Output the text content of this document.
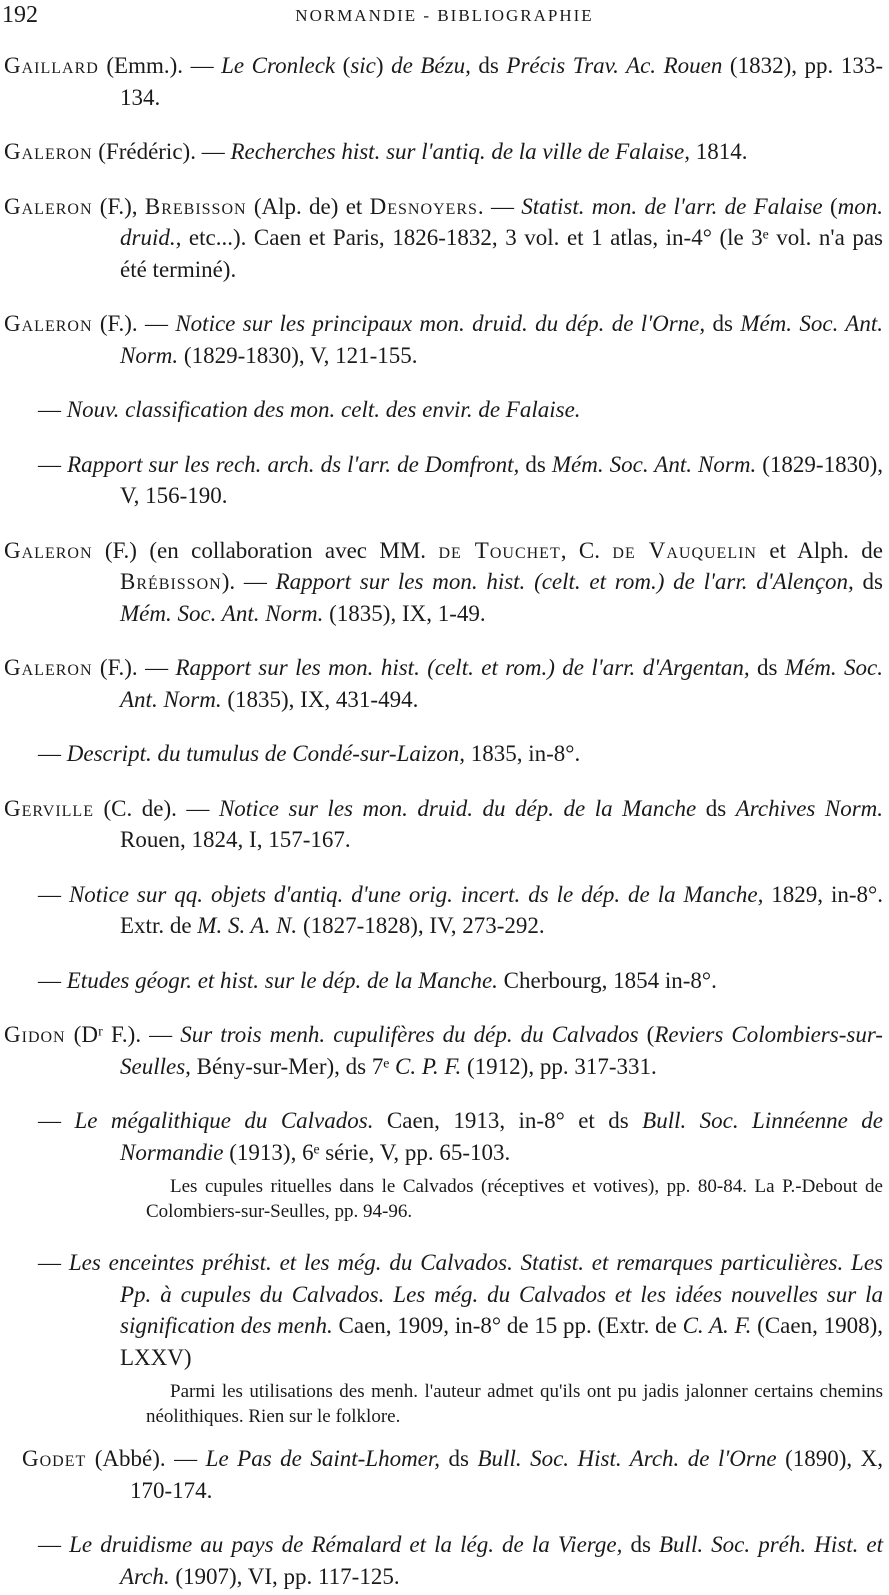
192	NORMANDIE - BIBLIOGRAPHIE

Gaillard (Emm.). — Le Cronleck (sic) de Bézu, ds Précis Trav. Ac. Rouen (1832), pp. 133-134.

Galeron (Frédéric). — Recherches hist. sur l'antiq. de la ville de Falaise, 1814.

Galeron (F.), Brebisson (Alp. de) et Desnoyers. — Statist. mon. de l'arr. de Falaise (mon. druid., etc...). Caen et Paris, 1826-1832, 3 vol. et 1 atlas, in-4° (le 3ᵉ vol. n'a pas été terminé).

Galeron (F.). — Notice sur les principaux mon. druid. du dép. de l'Orne, ds Mém. Soc. Ant. Norm. (1829-1830), V, 121-155.

— Nouv. classification des mon. celt. des envir. de Falaise.

— Rapport sur les rech. arch. ds l'arr. de Domfront, ds Mém. Soc. Ant. Norm. (1829-1830), V, 156-190.

Galeron (F.) (en collaboration avec MM. de Touchet, C. de Vauquelin et Alph. de Brébisson). — Rapport sur les mon. hist. (celt. et rom.) de l'arr. d'Alençon, ds Mém. Soc. Ant. Norm. (1835), IX, 1-49.

Galeron (F.). — Rapport sur les mon. hist. (celt. et rom.) de l'arr. d'Argentan, ds Mém. Soc. Ant. Norm. (1835), IX, 431-494.

— Descript. du tumulus de Condé-sur-Laizon, 1835, in-8°.

Gerville (C. de). — Notice sur les mon. druid. du dép. de la Manche ds Archives Norm. Rouen, 1824, I, 157-167.

— Notice sur qq. objets d'antiq. d'une orig. incert. ds le dép. de la Manche, 1829, in-8°. Extr. de M. S. A. N. (1827-1828), IV, 273-292.

— Etudes géogr. et hist. sur le dép. de la Manche. Cherbourg, 1854 in-8°.

Gidon (Dʳ F.). — Sur trois menh. cupulifères du dép. du Calvados (Reviers Colombiers-sur-Seulles, Bény-sur-Mer), ds 7ᵉ C. P. F. (1912), pp. 317-331.

— Le mégalithique du Calvados. Caen, 1913, in-8° et ds Bull. Soc. Linnéenne de Normandie (1913), 6ᵉ série, V, pp. 65-103.

Les cupules rituelles dans le Calvados (réceptives et votives), pp. 80-84. La P.-Debout de Colombiers-sur-Seulles, pp. 94-96.

— Les enceintes préhist. et les még. du Calvados. Statist. et remarques particulières. Les Pp. à cupules du Calvados. Les még. du Calvados et les idées nouvelles sur la signification des menh. Caen, 1909, in-8° de 15 pp. (Extr. de C. A. F. (Caen, 1908), LXXV)

Parmi les utilisations des menh. l'auteur admet qu'ils ont pu jadis jalonner certains chemins néolithiques. Rien sur le folklore.

Godet (Abbé). — Le Pas de Saint-Lhomer, ds Bull. Soc. Hist. Arch. de l'Orne (1890), X, 170-174.

— Le druidisme au pays de Rémalard et la lég. de la Vierge, ds Bull. Soc. préh. Hist. et Arch. (1907), VI, pp. 117-125.
